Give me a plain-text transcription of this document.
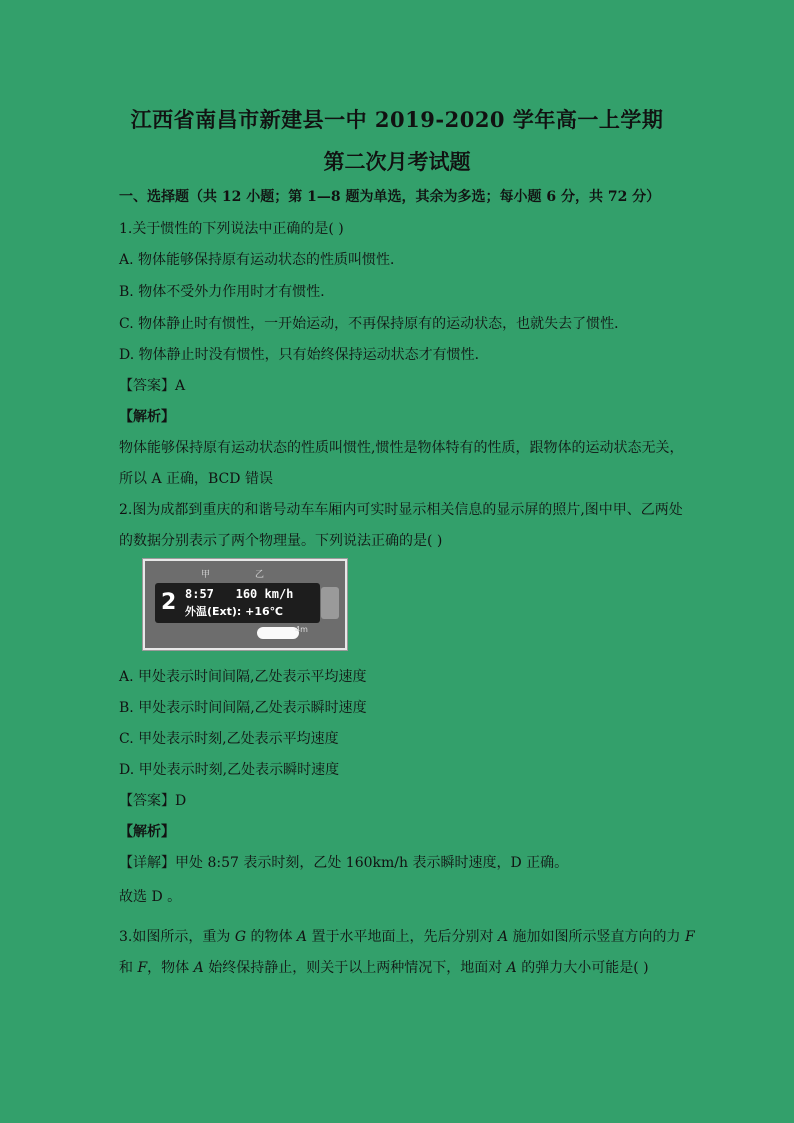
江西省南昌市新建县一中 2019-2020 学年高一上学期
第二次月考试题
一、选择题（共 12 小题；第 1—8 题为单选，其余为多选；每小题 6 分，共 72 分）
1.关于惯性的下列说法中正确的是( )
A. 物体能够保持原有运动状态的性质叫惯性．
B. 物体不受外力作用时才有惯性．
C. 物体静止时有惯性，一开始运动，不再保持原有的运动状态，也就失去了惯性．
D. 物体静止时没有惯性，只有始终保持运动状态才有惯性．
【答案】A
【解析】
物体能够保持原有运动状态的性质叫惯性,惯性是物体特有的性质，跟物体的运动状态无关，
所以 A 正确，BCD 错误
2.图为成都到重庆的和谐号动车车厢内可实时显示相关信息的显示屏的照片,图中甲、乙两处
的数据分别表示了两个物理量。下列说法正确的是( )
甲	乙
2 8:57 160 km/h
外温(Ext): +16℃
4m
A. 甲处表示时间间隔,乙处表示平均速度
B. 甲处表示时间间隔,乙处表示瞬时速度
C. 甲处表示时刻,乙处表示平均速度
D. 甲处表示时刻,乙处表示瞬时速度
【答案】D
【解析】
【详解】甲处 8:57 表示时刻，乙处 160km/h 表示瞬时速度，D 正确。
故选 D 。
3.如图所示，重为 G 的物体 A 置于水平地面上，先后分别对 A 施加如图所示竖直方向的力 F
和 F，物体 A 始终保持静止，则关于以上两种情况下，地面对 A 的弹力大小可能是( )
